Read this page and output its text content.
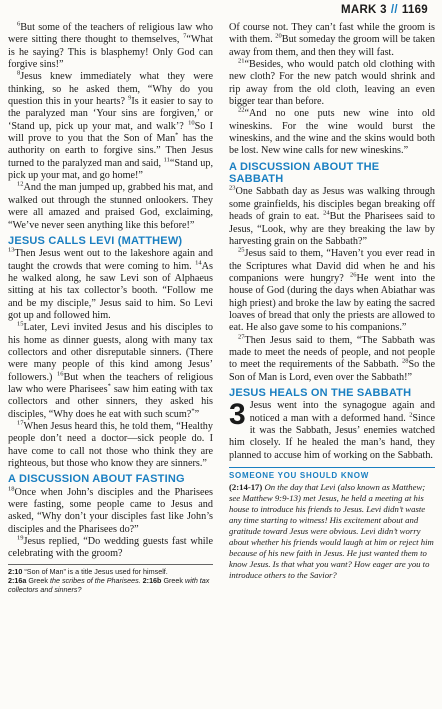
MARK 3 // 1169

$^6$But some of the teachers of religious law who were sitting there thought to themselves, $^7$“What is he saying? This is blasphemy! Only God can forgive sins!”

$^8$Jesus knew immediately what they were thinking, so he asked them, “Why do you question this in your hearts? $^9$Is it easier to say to the paralyzed man ‘Your sins are forgiven,’ or ‘Stand up, pick up your mat, and walk’? $^{10}$So I will prove to you that the Son of Man* has the authority on earth to forgive sins.” Then Jesus turned to the paralyzed man and said, $^{11}$“Stand up, pick up your mat, and go home!”

$^{12}$And the man jumped up, grabbed his mat, and walked out through the stunned onlookers. They were all amazed and praised God, exclaiming, “We’ve never seen anything like this before!”

JESUS CALLS LEVI (MATTHEW)

$^{13}$Then Jesus went out to the lakeshore again and taught the crowds that were coming to him. $^{14}$As he walked along, he saw Levi son of Alphaeus sitting at his tax collector’s booth. “Follow me and be my disciple,” Jesus said to him. So Levi got up and followed him.

$^{15}$Later, Levi invited Jesus and his disciples to his home as dinner guests, along with many tax collectors and other disreputable sinners. (There were many people of this kind among Jesus’ followers.) $^{16}$But when the teachers of religious law who were Pharisees* saw him eating with tax collectors and other sinners, they asked his disciples, “Why does he eat with such scum?*”

$^{17}$When Jesus heard this, he told them, “Healthy people don’t need a doctor—sick people do. I have come to call not those who think they are righteous, but those who know they are sinners.”

A DISCUSSION ABOUT FASTING

$^{18}$Once when John’s disciples and the Pharisees were fasting, some people came to Jesus and asked, “Why don’t your disciples fast like John’s disciples and the Pharisees do?”

$^{19}$Jesus replied, “Do wedding guests fast while celebrating with the groom?

2:10 “Son of Man” is a title Jesus used for himself.
2:16a Greek the scribes of the Pharisees. 2:16b Greek with tax collectors and sinners?

Of course not. They can’t fast while the groom is with them. $^{20}$But someday the groom will be taken away from them, and then they will fast.

$^{21}$“Besides, who would patch old clothing with new cloth? For the new patch would shrink and rip away from the old cloth, leaving an even bigger tear than before.

$^{22}$“And no one puts new wine into old wineskins. For the wine would burst the wineskins, and the wine and the skins would both be lost. New wine calls for new wineskins.”

A DISCUSSION ABOUT THE SABBATH

$^{23}$One Sabbath day as Jesus was walking through some grainfields, his disciples began breaking off heads of grain to eat. $^{24}$But the Pharisees said to Jesus, “Look, why are they breaking the law by harvesting grain on the Sabbath?”

$^{25}$Jesus said to them, “Haven’t you ever read in the Scriptures what David did when he and his companions were hungry? $^{26}$He went into the house of God (during the days when Abiathar was high priest) and broke the law by eating the sacred loaves of bread that only the priests are allowed to eat. He also gave some to his companions.”

$^{27}$Then Jesus said to them, “The Sabbath was made to meet the needs of people, and not people to meet the requirements of the Sabbath. $^{28}$So the Son of Man is Lord, even over the Sabbath!”

JESUS HEALS ON THE SABBATH

3 Jesus went into the synagogue again and noticed a man with a deformed hand. $^2$Since it was the Sabbath, Jesus’ enemies watched him closely. If he healed the man’s hand, they planned to accuse him of working on the Sabbath.

SOMEONE YOU SHOULD KNOW
(2:14-17) On the day that Levi (also known as Matthew; see Matthew 9:9-13) met Jesus, he held a meeting at his house to introduce his friends to Jesus. Levi didn’t waste any time starting to witness! His excitement about and gratitude toward Jesus were obvious. Levi didn’t worry about whether his friends would laugh at him or reject him because of his new faith in Jesus. He just wanted them to know Jesus. Is that what you want? How eager are you to introduce others to the Savior?
